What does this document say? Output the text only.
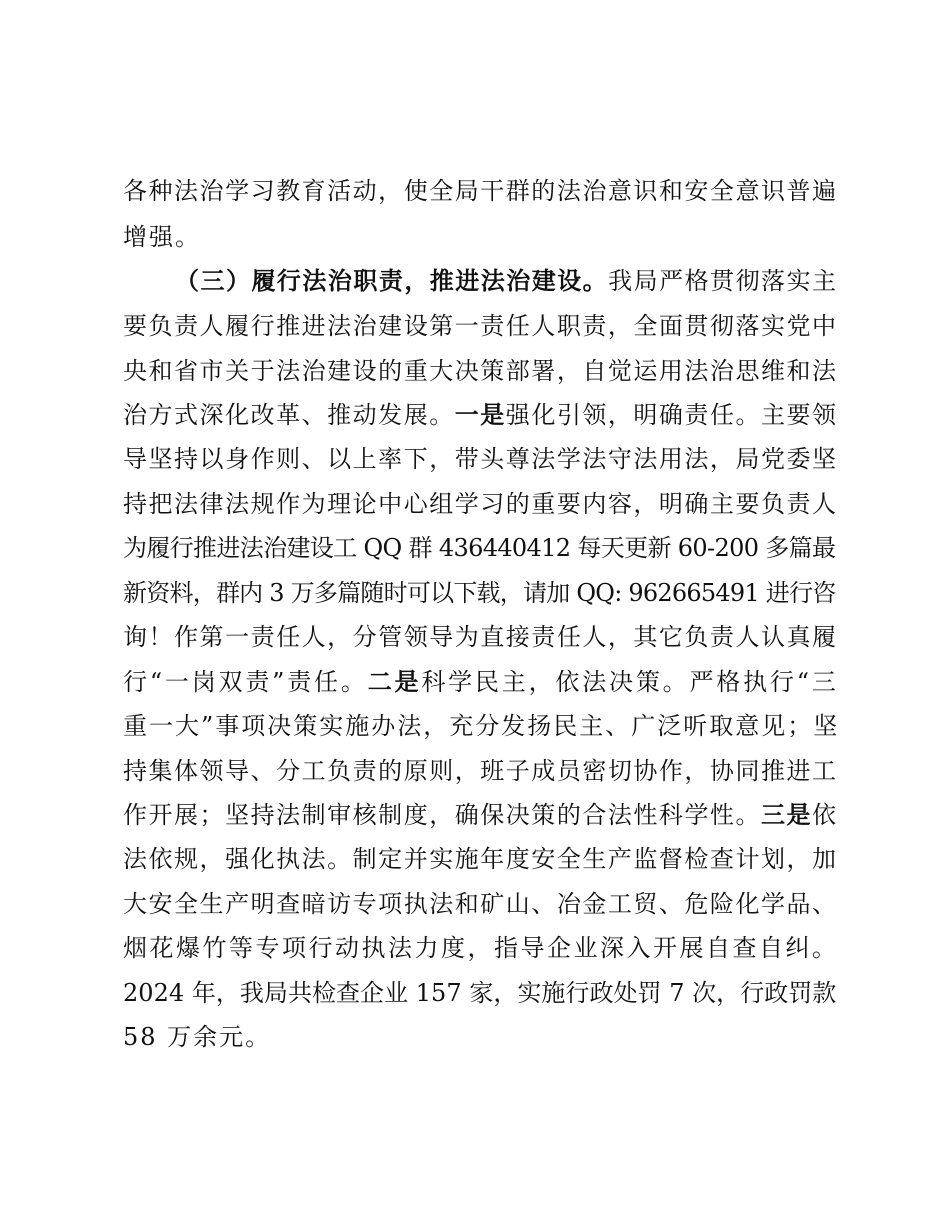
各种法治学习教育活动，使全局干群的法治意识和安全意识普遍
增强。
（三）履行法治职责，推进法治建设。我局严格贯彻落实主
要负责人履行推进法治建设第一责任人职责，全面贯彻落实党中
央和省市关于法治建设的重大决策部署，自觉运用法治思维和法
治方式深化改革、推动发展。一是强化引领，明确责任。主要领
导坚持以身作则、以上率下，带头尊法学法守法用法，局党委坚
持把法律法规作为理论中心组学习的重要内容，明确主要负责人
为履行推进法治建设工 QQ 群 436440412 每天更新 60-200 多篇最
新资料，群内 3 万多篇随时可以下载，请加 QQ: 962665491 进行咨
询！作第一责任人，分管领导为直接责任人，其它负责人认真履
行“一岗双责”责任。二是科学民主，依法决策。严格执行“三
重一大”事项决策实施办法，充分发扬民主、广泛听取意见；坚
持集体领导、分工负责的原则，班子成员密切协作，协同推进工
作开展；坚持法制审核制度，确保决策的合法性科学性。三是依
法依规，强化执法。制定并实施年度安全生产监督检查计划，加
大安全生产明查暗访专项执法和矿山、冶金工贸、危险化学品、
烟花爆竹等专项行动执法力度，指导企业深入开展自查自纠。
2024 年，我局共检查企业 157 家，实施行政处罚 7 次，行政罚款
58 万余元。
